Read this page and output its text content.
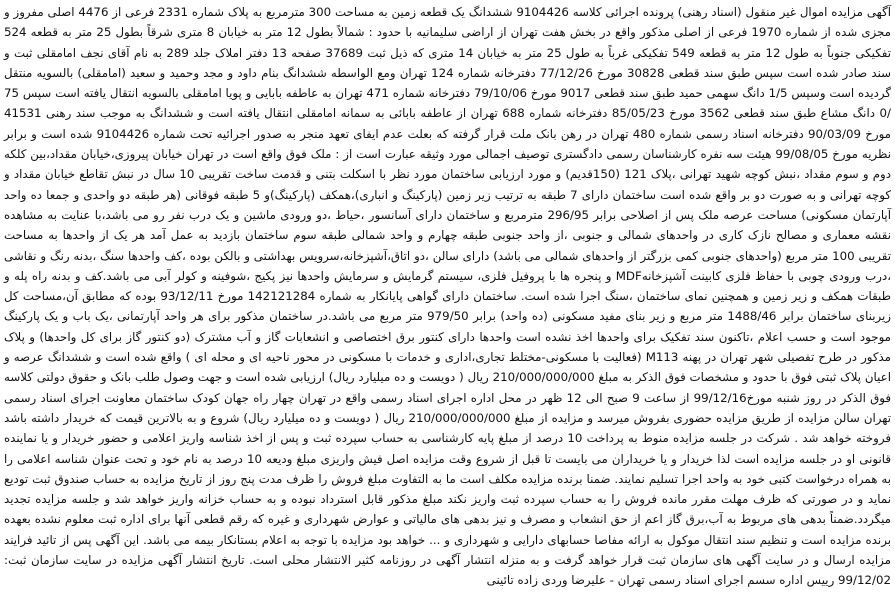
آگهی مزایده اموال غیر منقول (اسناد رهنی) پرونده اجرائی کلاسه 9104426 ششدانگ یک قطعه زمین به مساحت 300 مترمربع به پلاک شماره 2331 فرعی از 4476 اصلی مفروز و مجزی شده از شماره 1970 فرعی از اصلی مذکور واقع در بخش هفت تهران از اراضی سلیمانیه با حدود : شمالاً بطول 12 متر به خیابان 8 متری شرقاً بطول 25 متر به قطعه 524 تفکیکی جنوباً به طول 12 متر به قطعه 549 تفکیکی غرباً به طول 25 متر به خیابان 14 متری که ذیل ثبت 37689 صفحه 13 دفتر املاک جلد 289 به نام آقای نجف امامقلی ثبت و سند صادر شده است سپس طبق سند قطعی 30828 مورخ 77/12/26 دفترخانه شماره 124 تهران ومع الواسطه ششدانگ بنام داود و مجد وحمید و سعید (امامقلی) بالسویه منتقل گردیده است وسپس 1/5 دانگ سهمی حمید طبق سند قطعی 9017 مورخ 79/10/06 دفترخانه شماره 471 تهران به عاطفه بابایی و پویا امامقلی بالسویه انتقال یافته است سپس 75 /0 دانگ مشاع طبق سند قطعی 3562 مورخ 85/05/23 دفترخانه شماره 688 تهران از عاطفه بابائی به سمانه امامقلی انتقال یافته است و ششدانگ به موجب سند رهنی 41531 مورخ 90/03/09 دفترخانه اسناد رسمی شماره 480 تهران در رهن بانک ملت قرار گرفته که بعلت عدم ایفای تعهد منجر به صدور اجرائیه تحت شماره 9104426 شده است و برابر نظریه مورخ 99/08/05 هیئت سه نفره کارشناسان رسمی دادگستری توصیف اجمالی مورد وثیقه عبارت است از : ملک فوق واقع است در تهران خیابان پیروزی،خیابان مقداد،بین کلکه دوم و سوم مقداد ،نبش کوچه شهید تهرانی ،پلاک 121 (150قدیم) و مورد ارزیابی ساختمان مورد نظر با اسکلت بتنی و قدمت ساخت تقریبی 10 سال در نبش تقاطع خیابان مقداد و کوچه تهرانی و به صورت دو بر واقع شده است ساختمان دارای 7 طبقه به ترتیب زیر زمین (پارکینگ و انباری)،همکف (پارکینگ)و 5 طبقه فوقانی (هر طبقه دو واحدی و جمعا ده واحد آپارتمان مسکونی) مساحت عرصه ملک پس از اصلاحی برابر 296/95 مترمربع و ساختمان دارای آسانسور ،حیاط ،دو ورودی ماشین و یک درب نفر رو می باشد،با عنایت به مشاهده نقشه معماری و مصالح نازک کاری در واحدهای شمالی و جنوبی ،از واحد جنوبی طبقه چهارم و واحد شمالی طبقه سوم ساختمان بازدید به عمل آمد هر یک از واحدها به مساحت تقریبی 100 متر مربع (واحدهای جنوبی کمی بزرگتر از واحدهای شمالی می باشد) دارای سالن ،دو اتاق،آشپزخانه،سرویس بهداشتی و بالکن بوده ،کف واحدها سنگ ،بدنه رنگ و نقاشی ،درب ورودی چوبی با حفاظ فلزی کابینت آشپزخانهMDF و پنجره ها با پروفیل فلزی، سیستم گرمایش و سرمایش واحدها نیز پکیج ،شوفینه و کولر آبی می باشد.کف و بدنه راه پله و طبقات همکف و زیر زمین و همچنین نمای ساختمان ،سنگ اجرا شده است. ساختمان دارای گواهی پایانکار به شماره 142121284 مورخ 93/12/11 بوده که مطابق آن،مساحت کل زیربنای ساختمان برابر 1488/46 متر مربع و زیر بنای مفید مسکونی (ده واحد) برابر 979/50 متر مربع می باشد.در ساختمان مذکور برای هر واحد آپارتمانی ،یک باب و یک پارکینگ موجود است و حسب اعلام ،تاکنون سند تفکیک برای واحدها اخذ نشده است واحدها دارای کنتور برق اختصاصی و انشعابات گاز و آب مشترک (دو کنتور گاز برای کل واحدها) و پلاک مذکور در طرح تفصیلی شهر تهران در پهنه M113 (فعالیت با مسکونی-مختلط تجاری،اداری و خدمات با مسکونی در محور ناحیه ای و محله ای ) واقع شده است و ششدانگ عرصه و اعیان پلاک ثبتی فوق با حدود و مشخصات فوق الذکر به مبلغ 210/000/000/000 ریال ( دویست و ده میلیارد ریال) ارزیابی شده است و جهت وصول طلب بانک و حقوق دولتی کلاسه فوق الذکر در روز شنبه مورخ99/12/16 از ساعت 9 صبح الی 12 ظهر در محل اداره اجرای اسناد رسمی واقع در تهران چهار راه جهان کودک ساختمان معاونت اجرای اسناد رسمی تهران سالن مزایده از طریق مزایده حضوری بفروش میرسد و مزایده از مبلغ 210/000/000/000 ریال ( دویست و ده میلیارد ریال) شروع و به بالاترین قیمت که خریدار داشته باشد فروخته خواهد شد . شرکت در جلسه مزایده منوط به پرداخت 10 درصد از مبلغ پایه کارشناسی به حساب سپرده ثبت و پس از اخذ شناسه واریز اعلامی و حضور خریدار و یا نماینده قانونی او در جلسه مزایده است لذا خریدار و یا خریداران می بایست تا قبل از شروع وقت مزایده اصل فیش واریزی مبلغ ودیعه 10 درصد به نام خود و تحت عنوان شناسه اعلامی را به همراه درخواست کتبی خود به واحد اجرا تسلیم نمایند. ضمنا برنده مزایده مکلف است ما به التفاوت مبلغ فروش را ظرف مدت پنج روز از تاریخ مزایده به حساب صندوق ثبت تودیع نماید و در صورتی که ظرف مهلت مقرر مانده فروش را به حساب سپرده ثبت واریز نکند مبلغ مذکور قابل استرداد نبوده و به حساب خزانه واریز خواهد شد و جلسه مزایده تجدید میگردد.ضمناً بدهی های مربوط به آب،برق گاز اعم از حق انشعاب و مصرف و نیز بدهی های مالیاتی و عوارض شهرداری و غیره که رقم قطعی آنها برای اداره ثبت معلوم نشده بعهده برنده مزایده است و تنظیم سند انتقال موکول به ارائه مفاصا حسابهای دارایی و شهرداری و ... خواهد بود مزایده با توجه به اعلام بستانکار بیمه می باشد. این آگهی پس از تائید فرایند مزایده ارسال و در سایت آگهی های سازمان ثبت قرار خواهد گرفت و به منزله انتشار آگهی در روزنامه کثیر الانتشار محلی است. تاریخ انتشار آگهی مزایده در سایت سازمان ثبت: 99/12/02 رییس اداره سسم اجرای اسناد رسمی تهران - علیرضا وردی زاده تائینی
